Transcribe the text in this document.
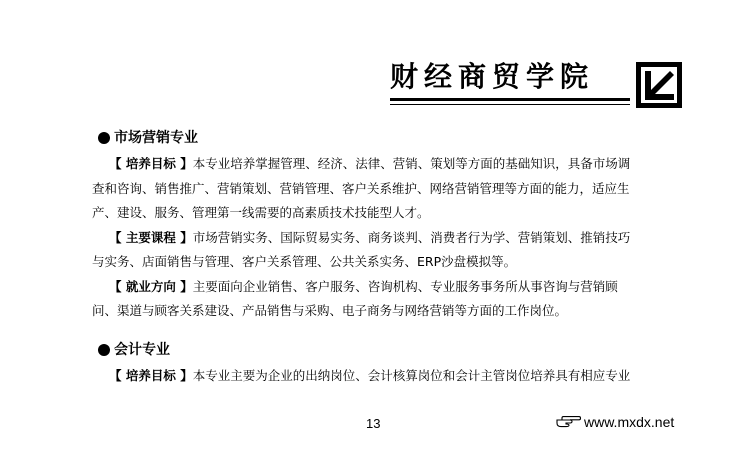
财经商贸学院
市场营销专业
【 培养目标 】本专业培养掌握管理、经济、法律、营销、策划等方面的基础知识，具备市场调
查和咨询、销售推广、营销策划、营销管理、客户关系维护、网络营销管理等方面的能力，适应生
产、建设、服务、管理第一线需要的高素质技术技能型人才。
【 主要课程 】市场营销实务、国际贸易实务、商务谈判、消费者行为学、营销策划、推销技巧
与实务、店面销售与管理、客户关系管理、公共关系实务、ERP沙盘模拟等。
【 就业方向 】主要面向企业销售、客户服务、咨询机构、专业服务事务所从事咨询与营销顾
问、渠道与顾客关系建设、产品销售与采购、电子商务与网络营销等方面的工作岗位。
会计专业
【 培养目标 】本专业主要为企业的出纳岗位、会计核算岗位和会计主管岗位培养具有相应专业
13	www.mxdx.net
